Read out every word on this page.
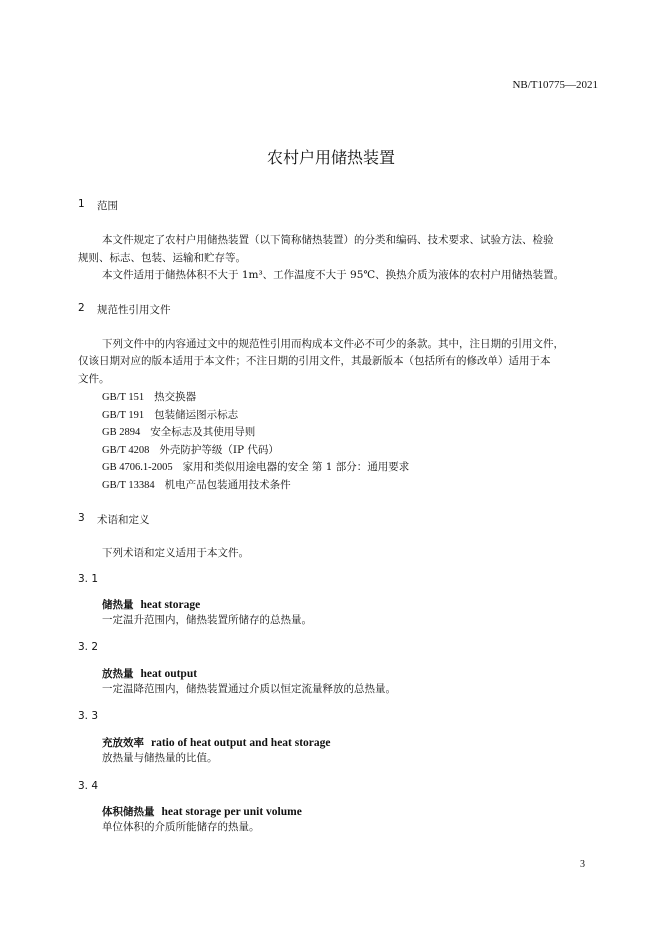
NB/T10775—2021
农村户用储热装置
1 范围
本文件规定了农村户用储热装置（以下简称储热装置）的分类和编码、技术要求、试验方法、检验
规则、标志、包装、运输和贮存等。
本文件适用于储热体积不大于 1m³、工作温度不大于 95℃、换热介质为液体的农村户用储热装置。
2 规范性引用文件
下列文件中的内容通过文中的规范性引用而构成本文件必不可少的条款。其中，注日期的引用文件，
仅该日期对应的版本适用于本文件；不注日期的引用文件，其最新版本（包括所有的修改单）适用于本
文件。
GB/T 151 热交换器
GB/T 191 包装储运图示标志
GB 2894 安全标志及其使用导则
GB/T 4208 外壳防护等级（IP 代码）
GB 4706.1-2005 家用和类似用途电器的安全 第 1 部分：通用要求
GB/T 13384 机电产品包装通用技术条件
3 术语和定义
下列术语和定义适用于本文件。
3. 1
储热量 heat storage
一定温升范围内，储热装置所储存的总热量。
3. 2
放热量 heat output
一定温降范围内，储热装置通过介质以恒定流量释放的总热量。
3. 3
充放效率 ratio of heat output and heat storage
放热量与储热量的比值。
3. 4
体积储热量 heat storage per unit volume
单位体积的介质所能储存的热量。
3
